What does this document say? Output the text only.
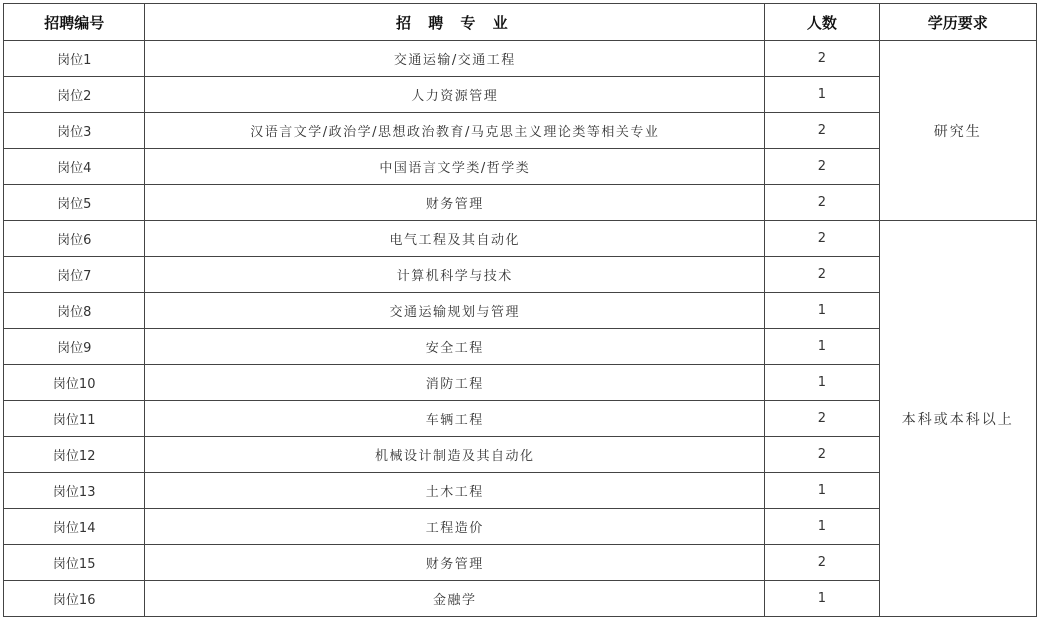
招聘编号	招 聘 专 业	人数	学历要求
岗位1	交通运输/交通工程	2	研究生
岗位2	人力资源管理	1	
岗位3	汉语言文学/政治学/思想政治教育/马克思主义理论类等相关专业	2	
岗位4	中国语言文学类/哲学类	2	
岗位5	财务管理	2	
岗位6	电气工程及其自动化	2	本科或本科以上
岗位7	计算机科学与技术	2	
岗位8	交通运输规划与管理	1	
岗位9	安全工程	1	
岗位10	消防工程	1	
岗位11	车辆工程	2	
岗位12	机械设计制造及其自动化	2	
岗位13	土木工程	1	
岗位14	工程造价	1	
岗位15	财务管理	2	
岗位16	金融学	1	
